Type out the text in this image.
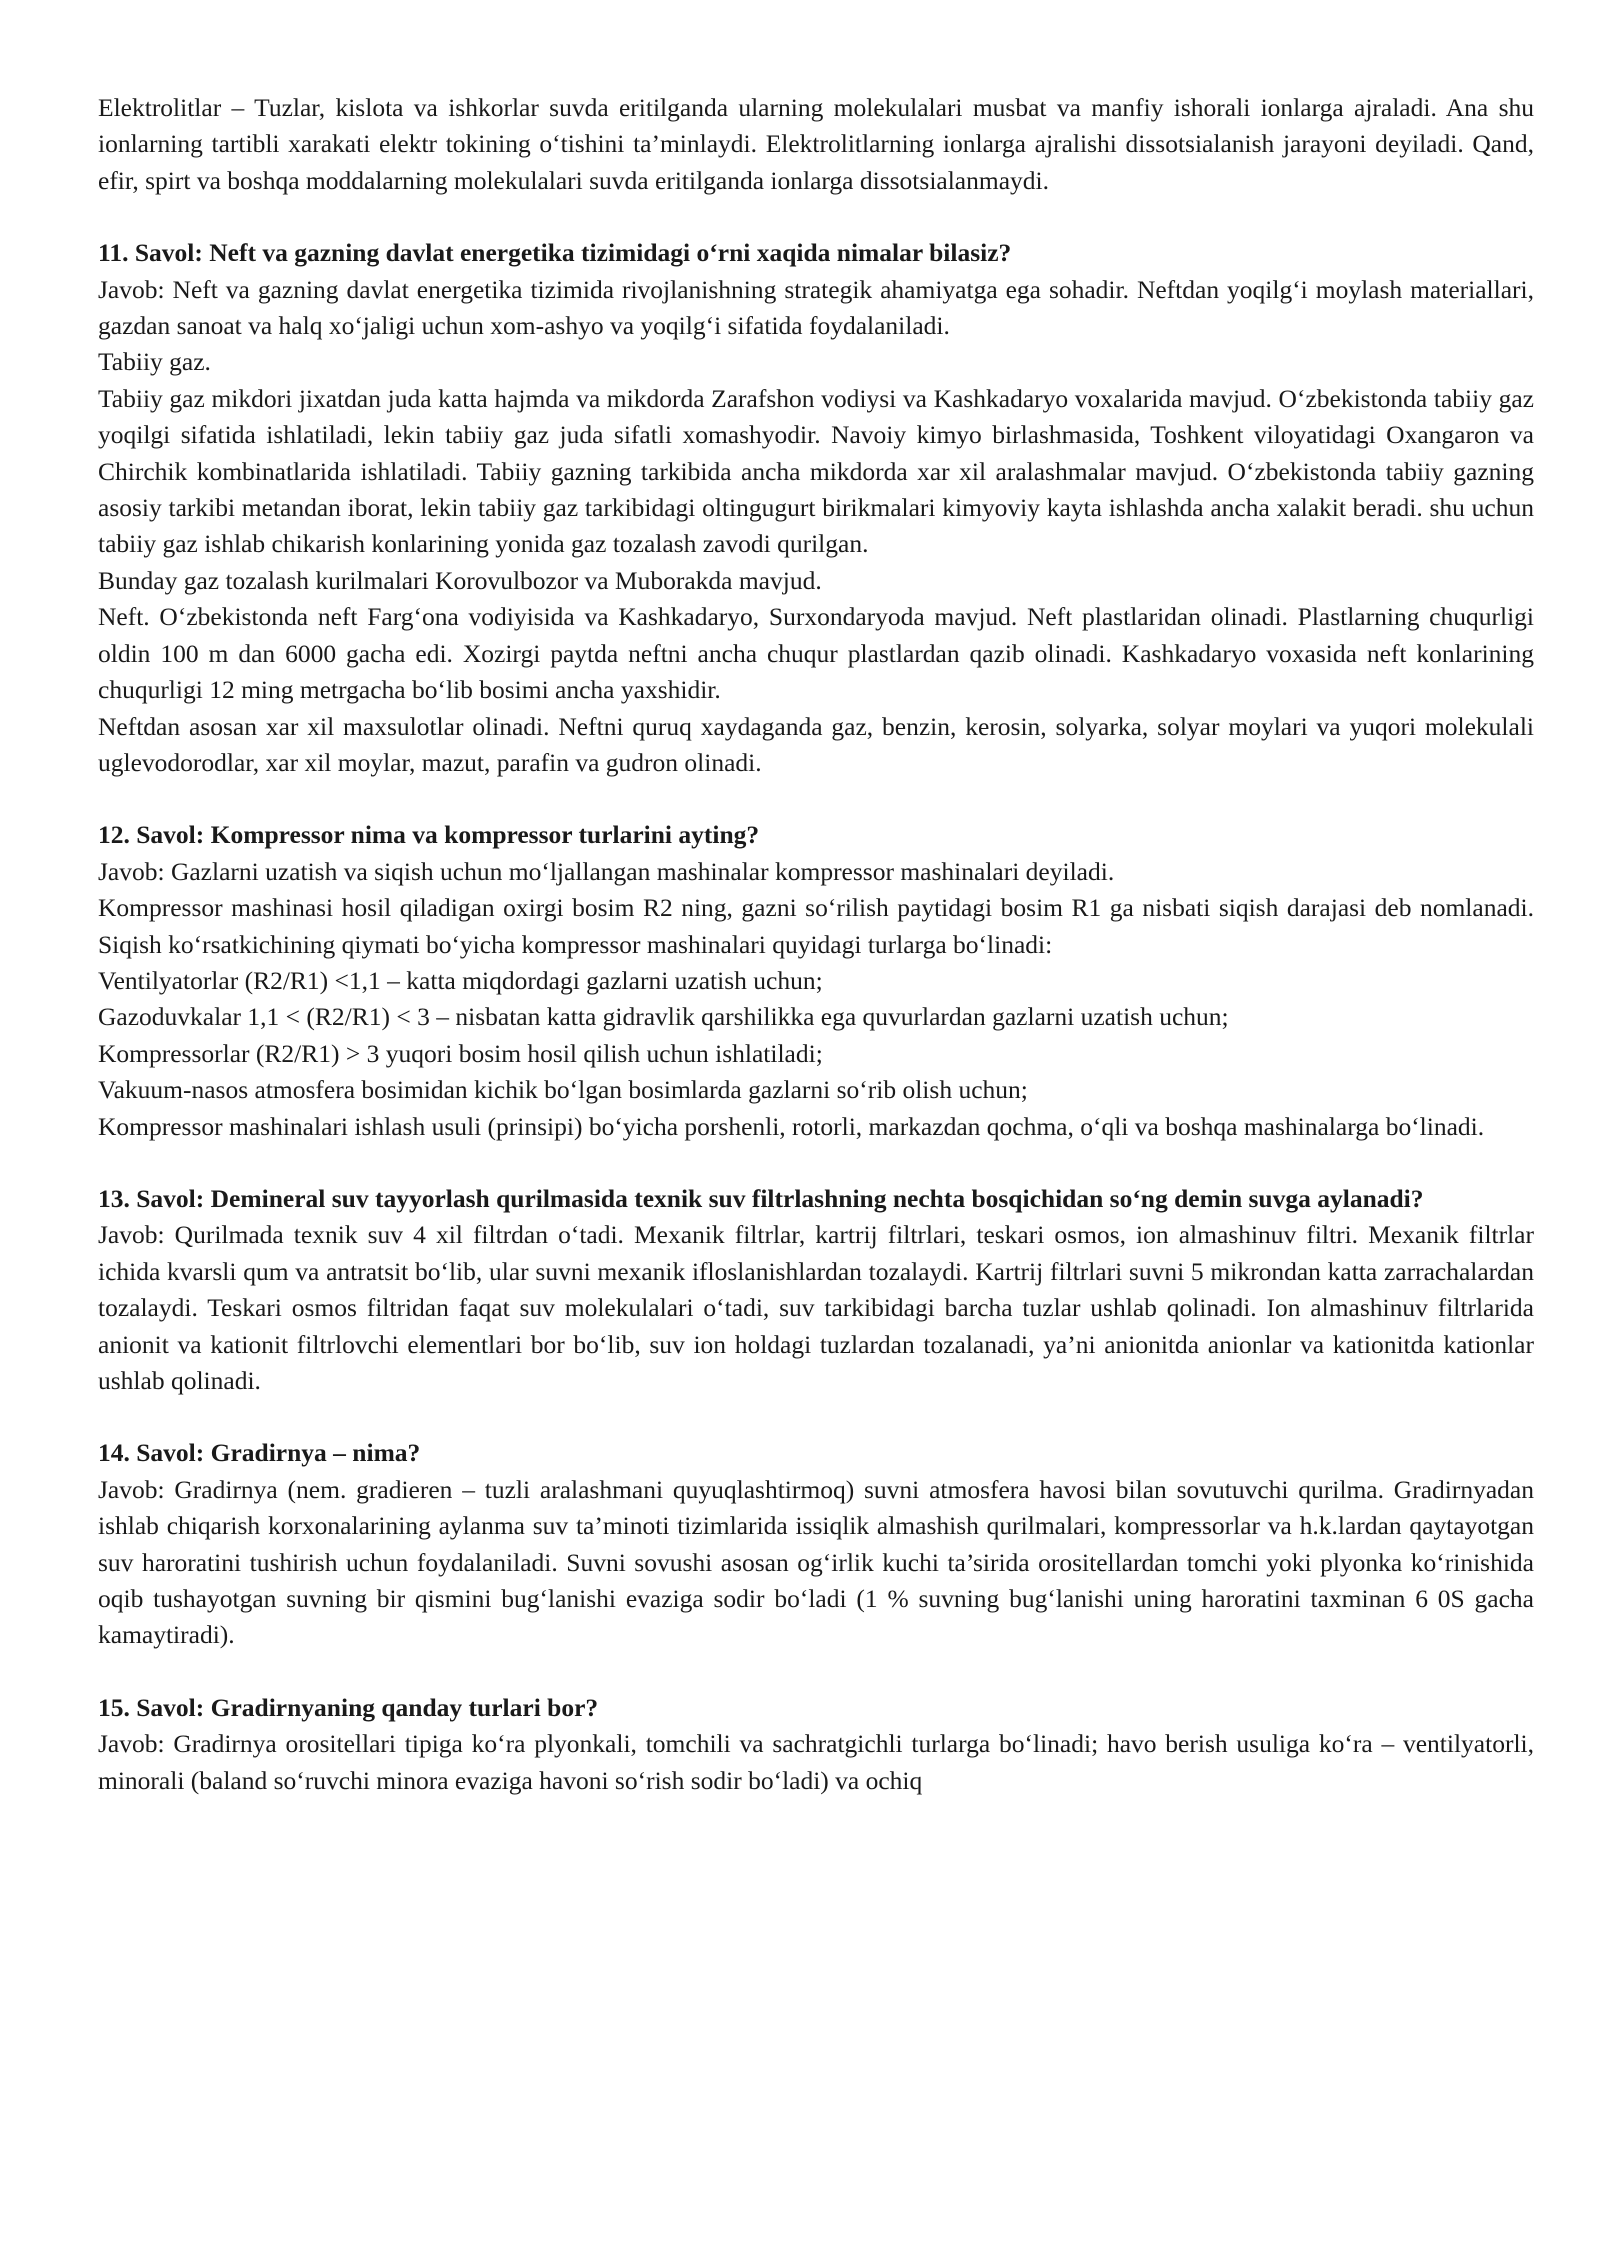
Elektrolitlar – Tuzlar, kislota va ishkorlar suvda eritilganda ularning molekulalari musbat va manfiy ishorali ionlarga ajraladi. Ana shu ionlarning tartibli xarakati elektr tokining o‘tishini ta’minlaydi. Elektrolitlarning ionlarga ajralishi dissotsialanish jarayoni deyiladi. Qand, efir, spirt va boshqa moddalarning molekulalari suvda eritilganda ionlarga dissotsialanmaydi.

11. Savol: Neft va gazning davlat energetika tizimidagi o‘rni xaqida nimalar bilasiz?

Javob: Neft va gazning davlat energetika tizimida rivojlanishning strategik ahamiyatga ega sohadir. Neftdan yoqilg‘i moylash materiallari, gazdan sanoat va halq xo‘jaligi uchun xom-ashyo va yoqilg‘i sifatida foydalaniladi.

Tabiiy gaz.

Tabiiy gaz mikdori jixatdan juda katta hajmda va mikdorda Zarafshon vodiysi va Kashkadaryo voxalarida mavjud. O‘zbekistonda tabiiy gaz yoqilgi sifatida ishlatiladi, lekin tabiiy gaz juda sifatli xomashyodir. Navoiy kimyo birlashmasida, Toshkent viloyatidagi Oxangaron va Chirchik kombinatlarida ishlatiladi. Tabiiy gazning tarkibida ancha mikdorda xar xil aralashmalar mavjud. O‘zbekistonda tabiiy gazning asosiy tarkibi metandan iborat, lekin tabiiy gaz tarkibidagi oltingugurt birikmalari kimyoviy kayta ishlashda ancha xalakit beradi. shu uchun tabiiy gaz ishlab chikarish konlarining yonida gaz tozalash zavodi qurilgan.

Bunday gaz tozalash kurilmalari Korovulbozor va Muborakda mavjud.

Neft. O‘zbekistonda neft Farg‘ona vodiyisida va Kashkadaryo, Surxondaryoda mavjud. Neft plastlaridan olinadi. Plastlarning chuqurligi oldin 100 m dan 6000 gacha edi. Xozirgi paytda neftni ancha chuqur plastlardan qazib olinadi. Kashkadaryo voxasida neft konlarining chuqurligi 12 ming metrgacha bo‘lib bosimi ancha yaxshidir.

Neftdan asosan xar xil maxsulotlar olinadi. Neftni quruq xaydaganda gaz, benzin, kerosin, solyarka, solyar moylari va yuqori molekulali uglevodorodlar, xar xil moylar, mazut, parafin va gudron olinadi.

12. Savol: Kompressor nima va kompressor turlarini ayting?

Javob: Gazlarni uzatish va siqish uchun mo‘ljallangan mashinalar kompressor mashinalari deyiladi.

Kompressor mashinasi hosil qiladigan oxirgi bosim R2 ning, gazni so‘rilish paytidagi bosim R1 ga nisbati siqish darajasi deb nomlanadi. Siqish ko‘rsatkichining qiymati bo‘yicha kompressor mashinalari quyidagi turlarga bo‘linadi:

Ventilyatorlar (R2/R1) <1,1 – katta miqdordagi gazlarni uzatish uchun;

Gazoduvkalar 1,1 < (R2/R1) < 3 – nisbatan katta gidravlik qarshilikka ega quvurlardan gazlarni uzatish uchun;

Kompressorlar (R2/R1) > 3 yuqori bosim hosil qilish uchun ishlatiladi;

Vakuum-nasos atmosfera bosimidan kichik bo‘lgan bosimlarda gazlarni so‘rib olish uchun;

Kompressor mashinalari ishlash usuli (prinsipi) bo‘yicha porshenli, rotorli, markazdan qochma, o‘qli va boshqa mashinalarga bo‘linadi.

13. Savol: Demineral suv tayyorlash qurilmasida texnik suv filtrlashning nechta bosqichidan so‘ng demin suvga aylanadi?

Javob: Qurilmada texnik suv 4 xil filtrdan o‘tadi. Mexanik filtrlar, kartrij filtrlari, teskari osmos, ion almashinuv filtri. Mexanik filtrlar ichida kvarsli qum va antratsit bo‘lib, ular suvni mexanik ifloslanishlardan tozalaydi. Kartrij filtrlari suvni 5 mikrondan katta zarrachalardan tozalaydi. Teskari osmos filtridan faqat suv molekulalari o‘tadi, suv tarkibidagi barcha tuzlar ushlab qolinadi. Ion almashinuv filtrlarida anionit va kationit filtrlovchi elementlari bor bo‘lib, suv ion holdagi tuzlardan tozalanadi, ya’ni anionitda anionlar va kationitda kationlar ushlab qolinadi.

14. Savol: Gradirnya – nima?

Javob: Gradirnya (nem. gradieren – tuzli aralashmani quyuqlashtirmoq) suvni atmosfera havosi bilan sovutuvchi qurilma. Gradirnyadan ishlab chiqarish korxonalarining aylanma suv ta’minoti tizimlarida issiqlik almashish qurilmalari, kompressorlar va h.k.lardan qaytayotgan suv haroratini tushirish uchun foydalaniladi. Suvni sovushi asosan og‘irlik kuchi ta’sirida orositellardan tomchi yoki plyonka ko‘rinishida oqib tushayotgan suvning bir qismini bug‘lanishi evaziga sodir bo‘ladi (1 % suvning bug‘lanishi uning haroratini taxminan 6 0S gacha kamaytiradi).

15. Savol: Gradirnyaning qanday turlari bor?

Javob: Gradirnya orositellari tipiga ko‘ra plyonkali, tomchili va sachratgichli turlarga bo‘linadi; havo berish usuliga ko‘ra – ventilyatorli, minorali (baland so‘ruvchi minora evaziga havoni so‘rish sodir bo‘ladi) va ochiq
